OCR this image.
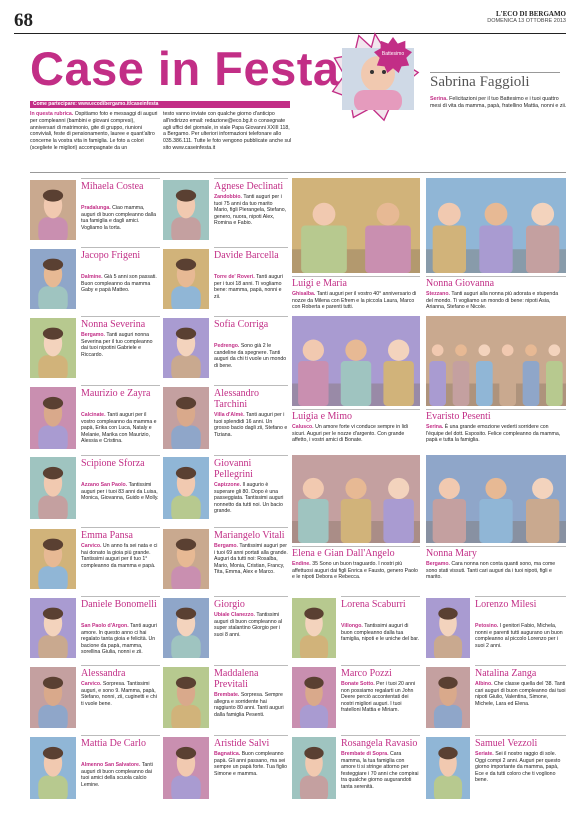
68	L'ECO DI BERGAMO
DOMENICA 13 OTTOBRE 2013
Case in Festa
Come partecipare: www.ecodibergamo.it/caseinfesta
In questa rubrica. Ospitiamo foto e messaggi di auguri per compleanni (bambini e giovani compresi), anniversari di matrimonio, gite di gruppo, riunioni conviviali, feste di pensionamento, lauree e quant'altro concerne la vostra vita in famiglia. Le foto a colori (scegliete le migliori) accompagnate da un
testo vanno inviate con qualche giorno d'anticipo all'indirizzo email: redazione@eco.bg.it o consegnate agli uffici del giornale, in viale Papa Giovanni XXIII 118, a Bergamo. Per ulteriori informazioni telefonare allo 035.386.111. Tutte le foto vengono pubblicate anche sul sito www.caseinfesta.it
Battesimo
Sabrina Faggioli
Serina. Felicitazioni per il tuo Battesimo e i tuoi quattro mesi di vita da mamma, papà, fratellino Mattia, nonni e zii.
Mihaela Costea
Pradalunga. Ciao mamma, auguri di buon compleanno dalla tua famiglia e dagli amici. Vogliamo la torta.
Jacopo Frigeni
Dalmine. Già 5 anni son passati. Buon compleanno da mamma Gaby e papà Matteo.
Nonna Severina
Bergamo. Tanti auguri nonna Severina per il tuo compleanno dai tuoi nipotini Gabriele e Riccardo.
Maurizio e Zayra
Calcinate. Tanti auguri per il vostro compleanno da mamma e papà, Erika con Luca, Nataly e Melanie, Marika con Maurizio, Alessia e Cristina.
Scipione Sforza
Azzano San Paolo. Tantissimi auguri per i tuoi 83 anni da Luisa, Monica, Giovanna, Guido e Molly.
Emma Pansa
Carvico. Un anno fa sei nata e ci hai donato la gioia più grande. Tantissimi auguri per il tuo 1° compleanno da mamma e papà.
Daniele Bonomelli
San Paolo d'Argon. Tanti auguri amore. In questo anno ci hai regalato tanta gioia e felicità. Un bacione da papà, mamma, sorellina Giulia, nonni e zii.
Alessandra
Carvico. Sorpresa. Tantissimi auguri, e sono 9. Mamma, papà, Stefano, nonni, zii, cuginetti e chi ti vuole bene.
Mattia De Carlo
Almenno San Salvatore. Tanti auguri di buon compleanno dai tuoi amici della scuola calcio Lemine.
Agnese Declinati
Zandobbio. Tanti auguri per i tuoi 75 anni da tuo marito Mario, figli Pierangela, Stefano, genero, nuora, nipoti Alex, Romina e Fabio.
Davide Barcella
Torre de' Roveri. Tanti auguri per i tuoi 18 anni. Ti vogliamo bene: mamma, papà, nonni e zii.
Sofia Corriga
Pedrengo. Sono già 2 le candeline da spegnere. Tanti auguri da chi ti vuole un mondo di bene.
Alessandro Tarchini
Villa d'Almè. Tanti auguri per i tuoi splendidi 16 anni. Un grosso bacio dagli zii, Stefano e Tiziana.
Giovanni Pellegrini
Capizzone. Il augurio è superare gli 80. Dopo è una passeggiata. Tantissimi auguri nonnetto da tutti noi. Un bacio grande.
Mariangelo Vitali
Bergamo. Tantissimi auguri per i tuoi 69 anni portati alla grande. Auguri da tutti noi: Rosalba, Mario, Monia, Cristian, Francy, Tita, Emma, Alex e Marco.
Giorgio
Ubiale Clanezzo. Tantissimi auguri di buon compleanno al super stalantino Giorgio per i suoi 8 anni.
Maddalena Previtali
Brembate. Sorpresa. Sempre allegra e sorridente hai raggiunto 80 anni. Tanti auguri dalla famiglia Pesenti.
Aristide Salvi
Bagnatica. Buon compleanno papà. Gli anni passano, ma sei sempre un papà forte. Tua figlio Simone e mamma.
Luigi e Maria
Ghisalba. Tanti auguri per il vostro 40° anniversario di nozze da Milena con Efrem e la piccola Laura, Marco con Roberta e parenti tutti.
Luigia e Mimo
Calusco. Un amore forte vi conduce sempre in lidi sicuri. Auguri per le nozze d'argento. Con grande affetto, i vostri amici di Bonate.
Elena e Gian Dall'Angelo
Endine. 35 Sono un buon traguardo. I nostri più affettuosi auguri dai figli Enrica e Fausto, genero Paolo e le nipoti Debora e Rebecca.
Nonna Giovanna
Stezzano. Tanti auguri alla nonna più adorata e stupenda del mondo. Ti vogliamo un mondo di bene: nipoti Asia, Arianna, Stefano e Nicole.
Evaristo Pesenti
Serina. È una grande emozione vederti sorridere con l'équipe del dott. Esposito. Felice compleanno da mamma, papà e tutta la famiglia.
Nonna Mary
Bergamo. Cara nonna non conta quanti sono, ma come sono stati vissuti. Tanti cari auguri da i tuoi nipoti, figli e marito.
Lorena Scaburri
Villongo. Tantissimi auguri di buon compleanno dalla tua famiglia, nipoti e le uniche del bar.
Marco Pozzi
Bonate Sotto. Per i tuoi 20 anni non possiamo regalarti un John Deere perciò accontentati dei nostri migliori auguri. I tuoi fratelloni Mattia e Miriam.
Rosangela Ravasio
Brembate di Sopra. Cara mamma, la tua famiglia con amore ti si stringe attorno per festeggiare i 70 anni che compirai tra qualche giorno augurandoti tanta serenità.
Lorenzo Milesi
Petosino. I genitori Fabio, Michela, nonni e parenti tutti augurano un buon compleanno al piccolo Lorenzo per i suoi 2 anni.
Natalina Zanga
Albino. Che classe quella del '38. Tanti cari auguri di buon compleanno dai tuoi nipoti Giulio, Valentina, Simone, Michele, Lara ed Elena.
Samuel Vezzoli
Seriate. Sei il nostro raggio di sole. Oggi compi 2 anni. Auguri per questo giorno importante da mamma, papà, Ece e da tutti coloro che ti vogliono bene.
